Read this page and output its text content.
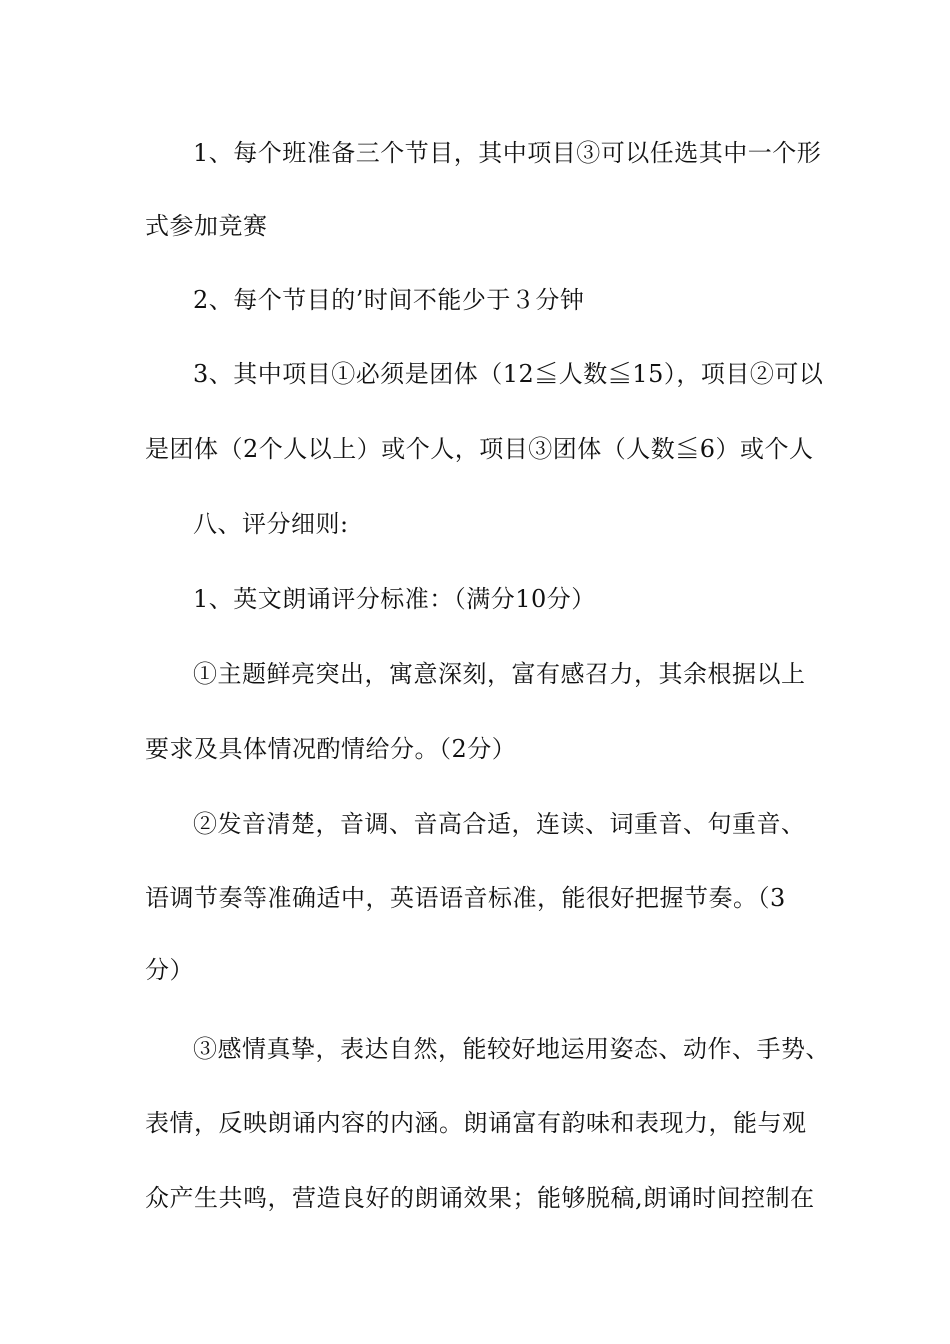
1、每个班准备三个节目，其中项目③可以任选其中一个形
式参加竞赛
2、每个节目的’时间不能少于３分钟
3、其中项目①必须是团体（12≦人数≦15），项目②可以
是团体（2个人以上）或个人，项目③团体（人数≦6）或个人
八、评分细则:
1、英文朗诵评分标准：（满分10分）
①主题鲜亮突出，寓意深刻，富有感召力，其余根据以上
要求及具体情况酌情给分。（2分）
②发音清楚，音调、音高合适，连读、词重音、句重音、
语调节奏等准确适中，英语语音标准，能很好把握节奏。（3
分）
③感情真挚，表达自然，能较好地运用姿态、动作、手势、
表情，反映朗诵内容的内涵。朗诵富有韵味和表现力，能与观
众产生共鸣，营造良好的朗诵效果；能够脱稿,朗诵时间控制在
